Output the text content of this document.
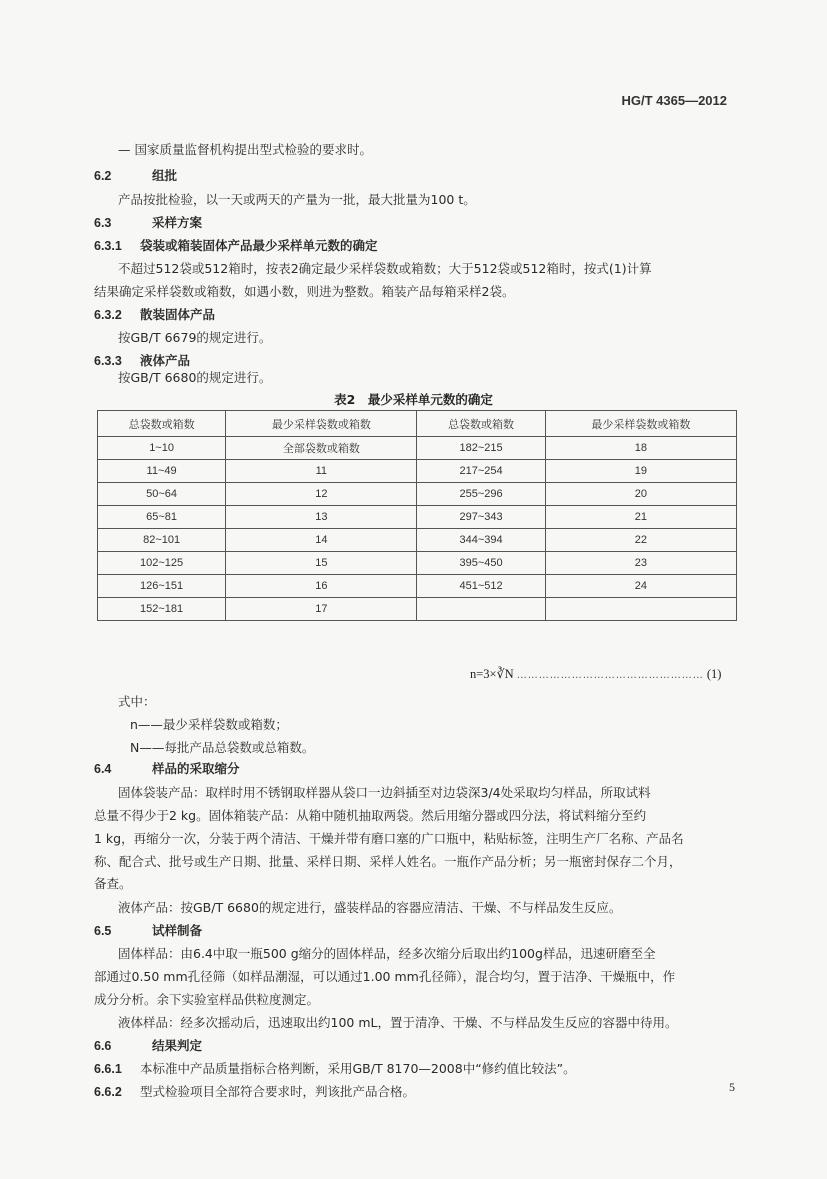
HG/T 4365—2012
— 国家质量监督机构提出型式检验的要求时。
6.2	组批
产品按批检验，以一天或两天的产量为一批，最大批量为100 t。
6.3	采样方案
6.3.1 袋装或箱装固体产品最少采样单元数的确定
不超过512袋或512箱时，按表2确定最少采样袋数或箱数；大于512袋或512箱时，按式(1)计算
结果确定采样袋数或箱数，如遇小数，则进为整数。箱装产品每箱采样2袋。
6.3.2 散装固体产品
按GB/T 6679的规定进行。
6.3.3 液体产品
按GB/T 6680的规定进行。
表2　最少采样单元数的确定
总袋数或箱数	最少采样袋数或箱数	总袋数或箱数	最少采样袋数或箱数
1~10	全部袋数或箱数	182~215	18
11~49	11	217~254	19
50~64	12	255~296	20
65~81	13	297~343	21
82~101	14	344~394	22
102~125	15	395~450	23
126~151	16	451~512	24
152~181	17		
n=3×∛N …………………………………………… (1)
式中：
n——最少采样袋数或箱数；
N——每批产品总袋数或总箱数。
6.4	样品的采取缩分
固体袋装产品：取样时用不锈钢取样器从袋口一边斜插至对边袋深3/4处采取均匀样品，所取试料
总量不得少于2 kg。固体箱装产品：从箱中随机抽取两袋。然后用缩分器或四分法，将试料缩分至约
1 kg，再缩分一次，分装于两个清洁、干燥并带有磨口塞的广口瓶中，粘贴标签，注明生产厂名称、产品名
称、配合式、批号或生产日期、批量、采样日期、采样人姓名。一瓶作产品分析；另一瓶密封保存二个月，
备查。
液体产品：按GB/T 6680的规定进行，盛装样品的容器应清洁、干燥、不与样品发生反应。
6.5	试样制备
固体样品：由6.4中取一瓶500 g缩分的固体样品，经多次缩分后取出约100g样品，迅速研磨至全
部通过0.50 mm孔径筛（如样品潮湿，可以通过1.00 mm孔径筛），混合均匀，置于洁净、干燥瓶中，作
成分分析。余下实验室样品供粒度测定。
液体样品：经多次摇动后，迅速取出约100 mL，置于清净、干燥、不与样品发生反应的容器中待用。
6.6	结果判定
6.6.1 本标准中产品质量指标合格判断，采用GB/T 8170—2008中“修约值比较法”。
6.6.2 型式检验项目全部符合要求时，判该批产品合格。	5
